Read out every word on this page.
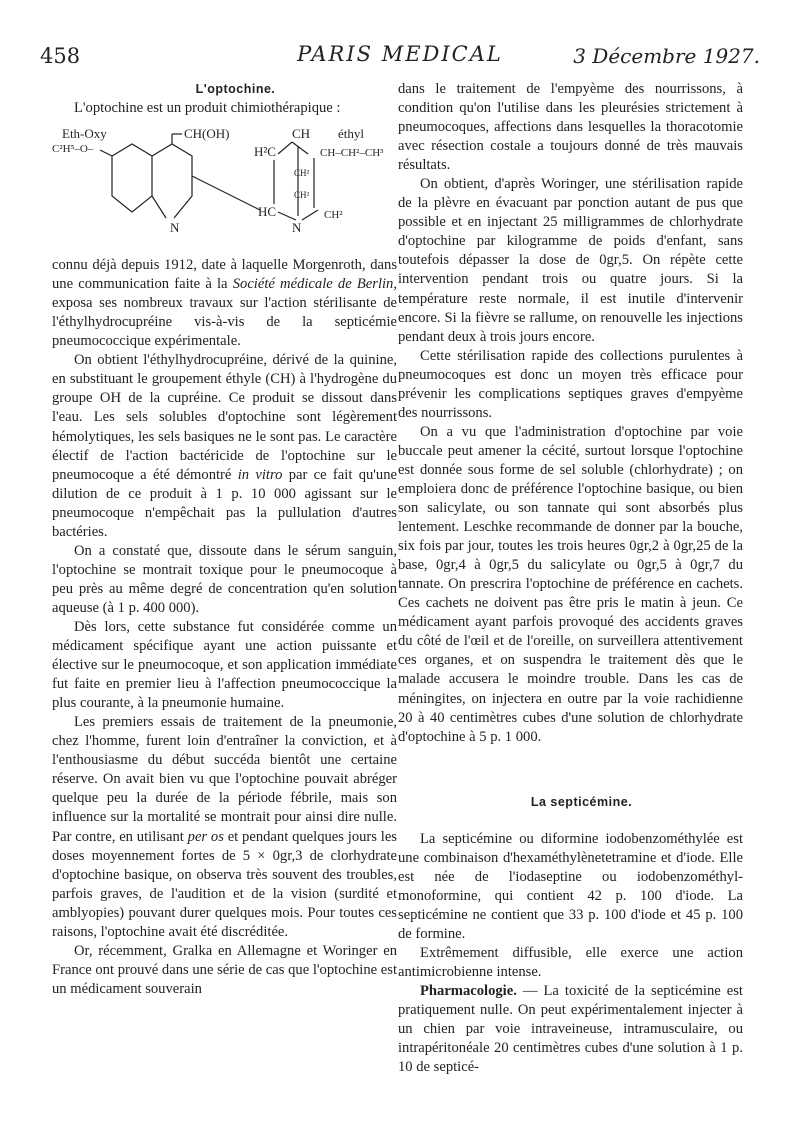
458	PARIS MEDICAL	3 Décembre 1927.

L'optochine.

L'optochine est un produit chimiothérapique :

Eth-Oxy
C²H⁵–O–
CH(OH)	CH éthyl
H²C	CH–CH²–CH³
CH²
CH²
HC	CH²
N	N

connu déjà depuis 1912, date à laquelle Morgenroth, dans une communication faite à la Société médicale de Berlin, exposa ses nombreux travaux sur l'action stérilisante de l'éthylhydrocupréine vis-à-vis de la septicémie pneumococcique expérimentale.

On obtient l'éthylhydrocupréine, dérivé de la quinine, en substituant le groupement éthyle (CH) à l'hydrogène du groupe OH de la cupréine. Ce produit se dissout dans l'eau. Les sels solubles d'optochine sont légèrement hémolytiques, les sels basiques ne le sont pas. Le caractère électif de l'action bactéricide de l'optochine sur le pneumocoque a été démontré in vitro par ce fait qu'une dilution de ce produit à 1 p. 10 000 agissant sur le pneumocoque n'empêchait pas la pullulation d'autres bactéries.

On a constaté que, dissoute dans le sérum sanguin, l'optochine se montrait toxique pour le pneumocoque à peu près au même degré de concentration qu'en solution aqueuse (à 1 p. 400 000).

Dès lors, cette substance fut considérée comme un médicament spécifique ayant une action puissante et élective sur le pneumocoque, et son application immédiate fut faite en premier lieu à l'affection pneumococcique la plus courante, à la pneumonie humaine.

Les premiers essais de traitement de la pneumonie, chez l'homme, furent loin d'entraîner la conviction, et à l'enthousiasme du début succéda bientôt une certaine réserve. On avait bien vu que l'optochine pouvait abréger quelque peu la durée de la période fébrile, mais son influence sur la mortalité se montrait pour ainsi dire nulle. Par contre, en utilisant per os et pendant quelques jours les doses moyennement fortes de 5 × 0gr,3 de clorhydrate d'optochine basique, on observa très souvent des troubles, parfois graves, de l'audition et de la vision (surdité et amblyopies) pouvant durer quelques mois. Pour toutes ces raisons, l'optochine avait été discréditée.

Or, récemment, Gralka en Allemagne et Woringer en France ont prouvé dans une série de cas que l'optochine est un médicament souverain

dans le traitement de l'empyème des nourrissons, à condition qu'on l'utilise dans les pleurésies strictement à pneumocoques, affections dans lesquelles la thoracotomie avec résection costale a toujours donné de très mauvais résultats.

On obtient, d'après Woringer, une stérilisation rapide de la plèvre en évacuant par ponction autant de pus que possible et en injectant 25 milligrammes de chlorhydrate d'optochine par kilogramme de poids d'enfant, sans toutefois dépasser la dose de 0gr,5. On répète cette intervention pendant trois ou quatre jours. Si la température reste normale, il est inutile d'intervenir encore. Si la fièvre se rallume, on renouvelle les injections pendant deux à trois jours encore.

Cette stérilisation rapide des collections purulentes à pneumocoques est donc un moyen très efficace pour prévenir les complications septiques graves d'empyème des nourrissons.

On a vu que l'administration d'optochine par voie buccale peut amener la cécité, surtout lorsque l'optochine est donnée sous forme de sel soluble (chlorhydrate) ; on emploiera donc de préférence l'optochine basique, ou bien son salicylate, ou son tannate qui sont absorbés plus lentement. Leschke recommande de donner par la bouche, six fois par jour, toutes les trois heures 0gr,2 à 0gr,25 de la base, 0gr,4 à 0gr,5 du salicylate ou 0gr,5 à 0gr,7 du tannate. On prescrira l'optochine de préférence en cachets. Ces cachets ne doivent pas être pris le matin à jeun. Ce médicament ayant parfois provoqué des accidents graves du côté de l'œil et de l'oreille, on surveillera attentivement ces organes, et on suspendra le traitement dès que le malade accusera le moindre trouble. Dans les cas de méningites, on injectera en outre par la voie rachidienne 20 à 40 centimètres cubes d'une solution de chlorhydrate d'optochine à 5 p. 1 000.

La septicémine.

La septicémine ou diformine iodobenzométhylée est une combinaison d'hexaméthylènetetramine et d'iode. Elle est née de l'iodaseptine ou iodobenzométhyl-monoformine, qui contient 42 p. 100 d'iode. La septicémine ne contient que 33 p. 100 d'iode et 45 p. 100 de formine.

Extrêmement diffusible, elle exerce une action antimicrobienne intense.

Pharmacologie. — La toxicité de la septicémine est pratiquement nulle. On peut expérimentalement injecter à un chien par voie intraveineuse, intramusculaire, ou intrapéritonéale 20 centimètres cubes d'une solution à 1 p. 10 de septicé-
